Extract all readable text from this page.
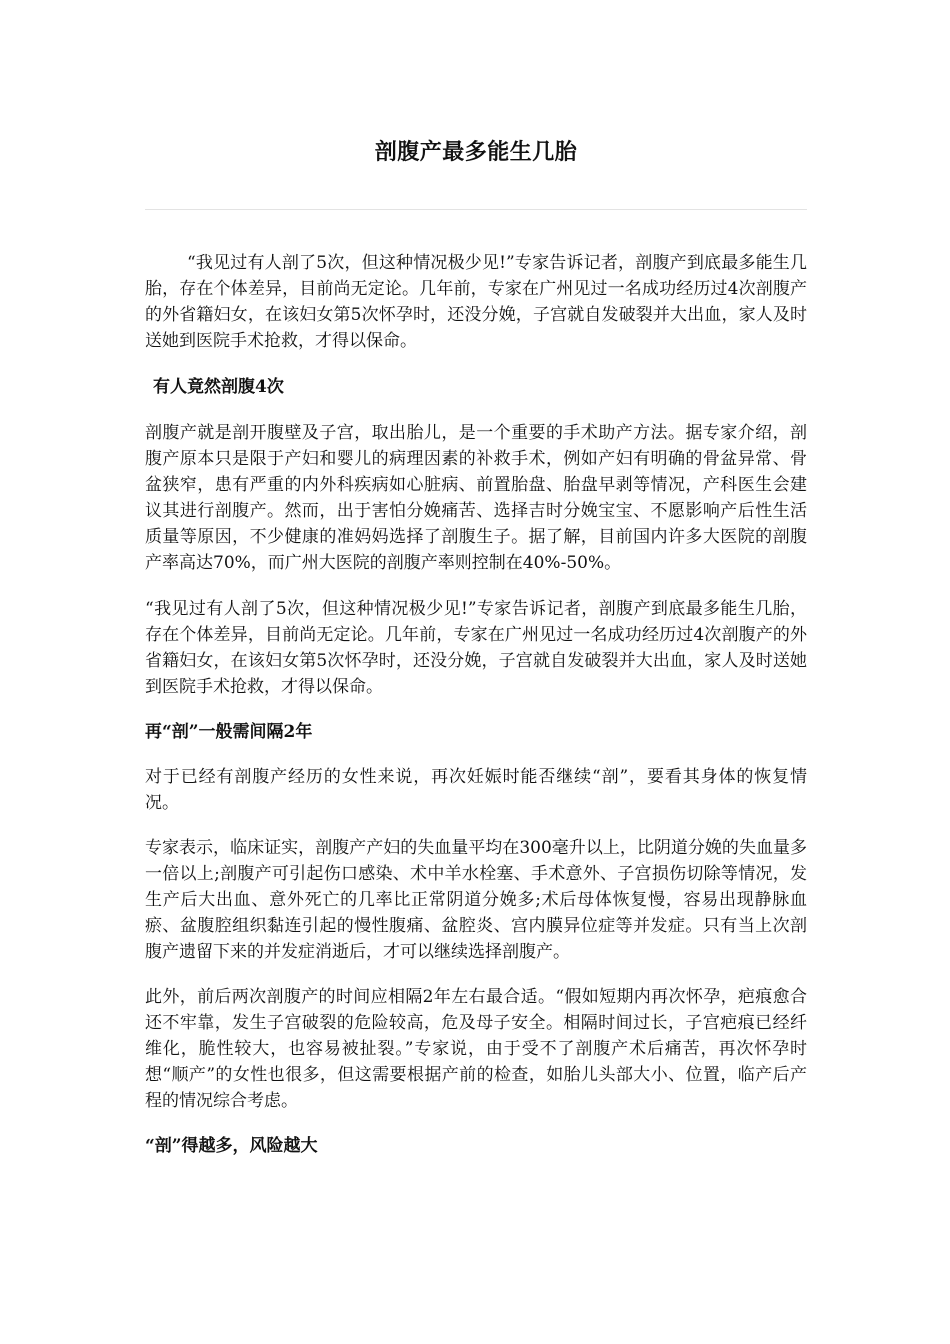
剖腹产最多能生几胎

“我见过有人剖了5次，但这种情况极少见!”专家告诉记者，剖腹产到底最多能生几胎，存在个体差异，目前尚无定论。几年前，专家在广州见过一名成功经历过4次剖腹产的外省籍妇女，在该妇女第5次怀孕时，还没分娩，子宫就自发破裂并大出血，家人及时送她到医院手术抢救，才得以保命。

有人竟然剖腹4次

剖腹产就是剖开腹壁及子宫，取出胎儿，是一个重要的手术助产方法。据专家介绍，剖腹产原本只是限于产妇和婴儿的病理因素的补救手术，例如产妇有明确的骨盆异常、骨盆狭窄，患有严重的内外科疾病如心脏病、前置胎盘、胎盘早剥等情况，产科医生会建议其进行剖腹产。然而，出于害怕分娩痛苦、选择吉时分娩宝宝、不愿影响产后性生活质量等原因，不少健康的准妈妈选择了剖腹生子。据了解，目前国内许多大医院的剖腹产率高达70%，而广州大医院的剖腹产率则控制在40%-50%。

“我见过有人剖了5次，但这种情况极少见!”专家告诉记者，剖腹产到底最多能生几胎，存在个体差异，目前尚无定论。几年前，专家在广州见过一名成功经历过4次剖腹产的外省籍妇女，在该妇女第5次怀孕时，还没分娩，子宫就自发破裂并大出血，家人及时送她到医院手术抢救，才得以保命。

再“剖”一般需间隔2年

对于已经有剖腹产经历的女性来说，再次妊娠时能否继续“剖”，要看其身体的恢复情况。

专家表示，临床证实，剖腹产产妇的失血量平均在300毫升以上，比阴道分娩的失血量多一倍以上;剖腹产可引起伤口感染、术中羊水栓塞、手术意外、子宫损伤切除等情况，发生产后大出血、意外死亡的几率比正常阴道分娩多;术后母体恢复慢，容易出现静脉血瘀、盆腹腔组织黏连引起的慢性腹痛、盆腔炎、宫内膜异位症等并发症。只有当上次剖腹产遗留下来的并发症消逝后，才可以继续选择剖腹产。

此外，前后两次剖腹产的时间应相隔2年左右最合适。“假如短期内再次怀孕，疤痕愈合还不牢靠，发生子宫破裂的危险较高，危及母子安全。相隔时间过长，子宫疤痕已经纤维化，脆性较大，也容易被扯裂。”专家说，由于受不了剖腹产术后痛苦，再次怀孕时想“顺产”的女性也很多，但这需要根据产前的检查，如胎儿头部大小、位置，临产后产程的情况综合考虑。

“剖”得越多，风险越大
